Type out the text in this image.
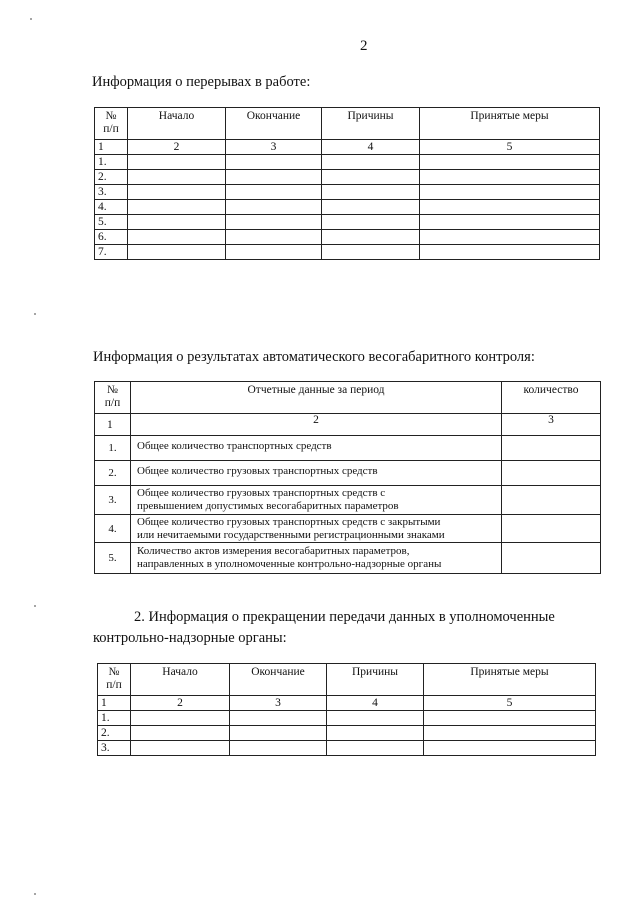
2
Информация о перерывах в работе:
№
п/п	Начало	Окончание	Причины	Принятые меры
1	2	3	4	5
1.				
2.				
3.				
4.				
5.				
6.				
7.				
Информация о результатах автоматического весогабаритного контроля:
№
п/п	Отчетные данные за период	количество
1	2	3
1.	Общее количество транспортных средств	
2.	Общее количество грузовых транспортных средств	
3.	Общее количество грузовых транспортных средств с
превышением допустимых весогабаритных параметров	
4.	Общее количество грузовых транспортных средств с закрытыми
или нечитаемыми государственными регистрационными знаками	
5.	Количество актов измерения весогабаритных параметров,
направленных в уполномоченные контрольно-надзорные органы	
2. Информация о прекращении передачи данных в уполномоченные
контрольно-надзорные органы:
№
п/п	Начало	Окончание	Причины	Принятые меры
1	2	3	4	5
1.				
2.				
3.				
